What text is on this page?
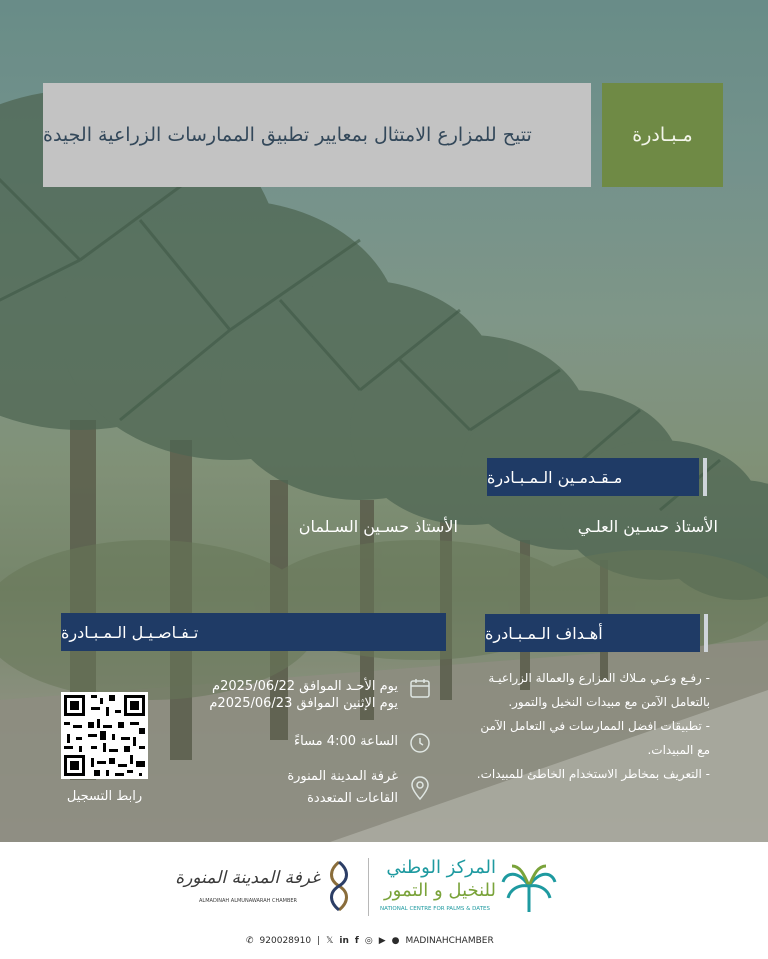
تتيح للمزارع الامتثال بمعايير تطبيق الممارسات الزراعية الجيدة	مـبـادرة
مـقـدمـين الـمـبـادرة
الأستاذ حسـين العلـي
الأستاذ حسـين السـلمان
أهـداف الـمـبـادرة
- رفـع وعـي مـلاك المزارع والعمالة الزراعيـة
بالتعامل الآمن مع مبيدات النخيل والتمور.
- تطبيقات افضل الممارسات في التعامل الآمن
مع المبيدات.
- التعريف بمخاطر الاستخدام الخاطئ للمبيدات.
تـفـاصـيـل الـمـبـادرة
يوم الأحـد الموافق 2025/06/22م
يوم الإثنين الموافق 2025/06/23م
الساعة 4:00 مساءً
غرفة المدينة المنورة
القاعات المتعددة
رابط التسجيل
المركز الوطني
للنخيل و التمور
NATIONAL CENTRE FOR PALMS & DATES
غرفة المدينة المنورة
ALMADINAH ALMUNAWARAH CHAMBER
✆ 920028910 | 𝕏 in f ◎ ▶ ● MADINAHCHAMBER
